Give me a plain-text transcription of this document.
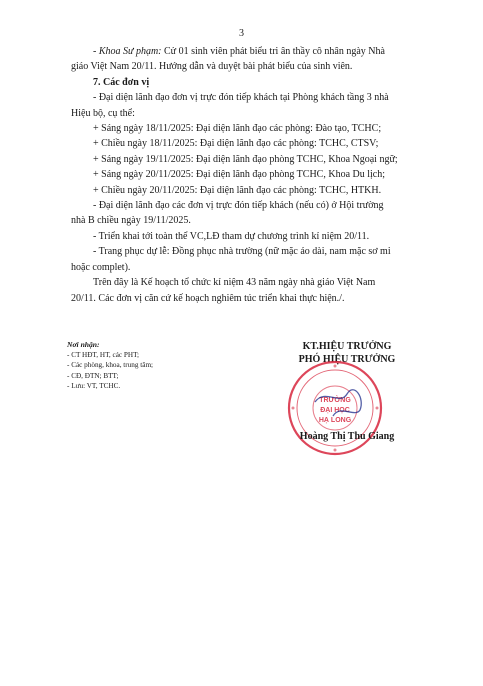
3
- Khoa Sư phạm: Cử 01 sinh viên phát biểu tri ân thầy cô nhân ngày Nhà
giáo Việt Nam 20/11. Hướng dẫn và duyệt bài phát biểu của sinh viên.
7. Các đơn vị
- Đại diện lãnh đạo đơn vị trực đón tiếp khách tại Phòng khách tầng 3 nhà
Hiệu bộ, cụ thể:
+ Sáng ngày 18/11/2025: Đại diện lãnh đạo các phòng: Đào tạo, TCHC;
+ Chiều ngày 18/11/2025: Đại diện lãnh đạo các phòng: TCHC, CTSV;
+ Sáng ngày 19/11/2025: Đại diện lãnh đạo phòng TCHC, Khoa Ngoại ngữ;
+ Sáng ngày 20/11/2025: Đại diện lãnh đạo phòng TCHC, Khoa Du lịch;
+ Chiều ngày 20/11/2025: Đại diện lãnh đạo các phòng: TCHC, HTKH.
- Đại diện lãnh đạo các đơn vị trực đón tiếp khách (nếu có) ở Hội trường
nhà B chiều ngày 19/11/2025.
- Triển khai tới toàn thể VC,LĐ tham dự chương trình kỉ niệm 20/11.
- Trang phục dự lễ: Đồng phục nhà trường (nữ mặc áo dài, nam mặc sơ mi
hoặc complet).
Trên đây là Kế hoạch tổ chức kỉ niệm 43 năm ngày nhà giáo Việt Nam
20/11. Các đơn vị căn cứ kế hoạch nghiêm túc triển khai thực hiện./.
Nơi nhận:
- CT HĐT, HT, các PHT;
- Các phòng, khoa, trung tâm;
- CĐ, ĐTN; BTT;
- Lưu: VT, TCHC.
KT.HIỆU TRƯỞNG
PHÓ HIỆU TRƯỞNG
TRƯỜNG
ĐẠI HỌC
HẠ LONG
Hoàng Thị Thu Giang
